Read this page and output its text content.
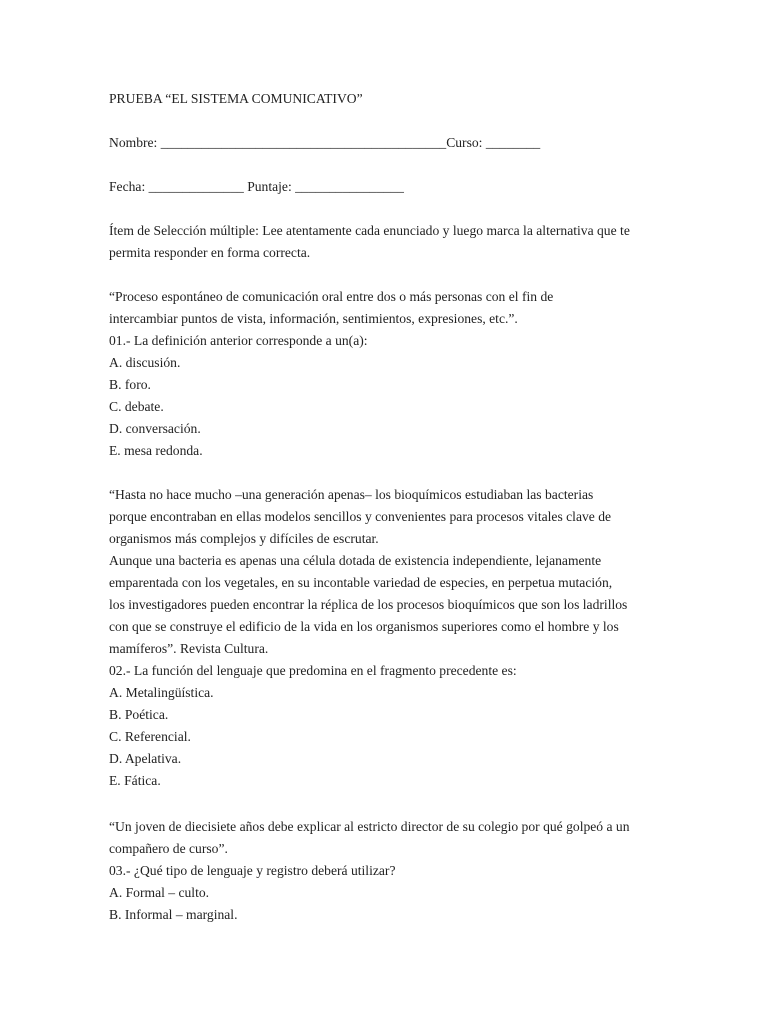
PRUEBA “EL SISTEMA COMUNICATIVO”
Nombre: __________________________________________Curso: ________
Fecha: ______________ Puntaje: ________________
Ítem de Selección múltiple: Lee atentamente cada enunciado y luego marca la alternativa que te
permita responder en forma correcta.
“Proceso espontáneo de comunicación oral entre dos o más personas con el fin de
intercambiar puntos de vista, información, sentimientos, expresiones, etc.”.
01.- La definición anterior corresponde a un(a):
A. discusión.
B. foro.
C. debate.
D. conversación.
E. mesa redonda.
“Hasta no hace mucho –una generación apenas– los bioquímicos estudiaban las bacterias
porque encontraban en ellas modelos sencillos y convenientes para procesos vitales clave de
organismos más complejos y difíciles de escrutar.
Aunque una bacteria es apenas una célula dotada de existencia independiente, lejanamente
emparentada con los vegetales, en su incontable variedad de especies, en perpetua mutación,
los investigadores pueden encontrar la réplica de los procesos bioquímicos que son los ladrillos
con que se construye el edificio de la vida en los organismos superiores como el hombre y los
mamíferos”. Revista Cultura.
02.- La función del lenguaje que predomina en el fragmento precedente es:
A. Metalingüística.
B. Poética.
C. Referencial.
D. Apelativa.
E. Fática.
“Un joven de diecisiete años debe explicar al estricto director de su colegio por qué golpeó a un
compañero de curso”.
03.- ¿Qué tipo de lenguaje y registro deberá utilizar?
A. Formal – culto.
B. Informal – marginal.
